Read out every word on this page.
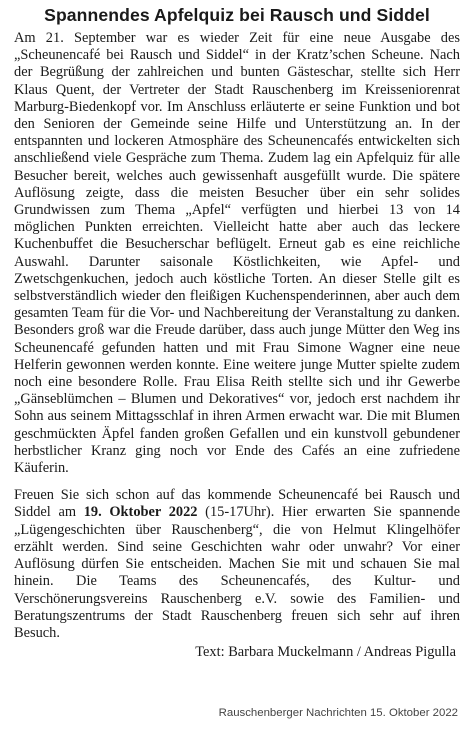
Spannendes Apfelquiz bei Rausch und Siddel

Am 21. September war es wieder Zeit für eine neue Ausgabe des „Scheunencafé bei Rausch und Siddel“ in der Kratz’schen Scheune. Nach der Begrüßung der zahlreichen und bunten Gästeschar, stellte sich Herr Klaus Quent, der Vertreter der Stadt Rauschenberg im Kreisseniorenrat Marburg-Biedenkopf vor. Im Anschluss erläuterte er seine Funktion und bot den Senioren der Gemeinde seine Hilfe und Unterstützung an. In der entspannten und lockeren Atmosphäre des Scheunencafés entwickelten sich anschließend viele Gespräche zum Thema. Zudem lag ein Apfelquiz für alle Besucher bereit, welches auch gewissenhaft ausgefüllt wurde. Die spätere Auflösung zeigte, dass die meisten Besucher über ein sehr solides Grundwissen zum Thema „Apfel“ verfügten und hierbei 13 von 14 möglichen Punkten erreichten. Vielleicht hatte aber auch das leckere Kuchenbuffet die Besucherschar beflügelt. Erneut gab es eine reichliche Auswahl. Darunter saisonale Köstlichkeiten, wie Apfel- und Zwetschgenkuchen, jedoch auch köstliche Torten. An dieser Stelle gilt es selbstverständlich wieder den fleißigen Kuchenspenderinnen, aber auch dem gesamten Team für die Vor- und Nachbereitung der Veranstaltung zu danken. Besonders groß war die Freude darüber, dass auch junge Mütter den Weg ins Scheunencafé gefunden hatten und mit Frau Simone Wagner eine neue Helferin gewonnen werden konnte. Eine weitere junge Mutter spielte zudem noch eine besondere Rolle. Frau Elisa Reith stellte sich und ihr Gewerbe „Gänseblümchen – Blumen und Dekoratives“ vor, jedoch erst nachdem ihr Sohn aus seinem Mittagsschlaf in ihren Armen erwacht war. Die mit Blumen geschmückten Äpfel fanden großen Gefallen und ein kunstvoll gebundener herbstlicher Kranz ging noch vor Ende des Cafés an eine zufriedene Käuferin.

Freuen Sie sich schon auf das kommende Scheunencafé bei Rausch und Siddel am 19. Oktober 2022 (15-17Uhr). Hier erwarten Sie spannende „Lügengeschichten über Rauschenberg“, die von Helmut Klingelhöfer erzählt werden. Sind seine Geschichten wahr oder unwahr? Vor einer Auflösung dürfen Sie entscheiden. Machen Sie mit und schauen Sie mal hinein. Die Teams des Scheunencafés, des Kultur- und Verschönerungsvereins Rauschenberg e.V. sowie des Familien- und Beratungszentrums der Stadt Rauschenberg freuen sich sehr auf ihren Besuch.

Text: Barbara Muckelmann / Andreas Pigulla
Rauschenberger Nachrichten 15. Oktober 2022
